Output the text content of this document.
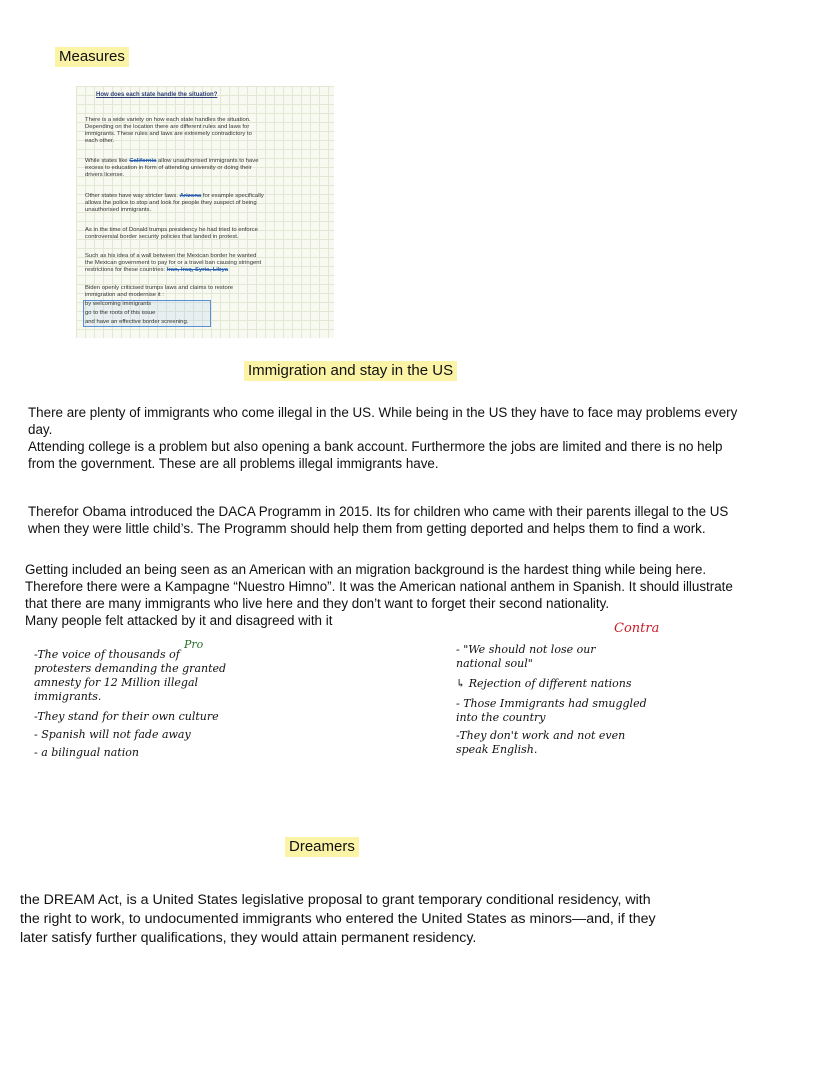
Measures
How does each state handle the situation?
There is a wide variety on how each state handles the situation.
Depending on the location there are different rules and laws for
immigrants. These rules and laws are extremely contradictory to
each other.
While states like California allow unauthorised immigrants to have
excess to education in form of attending university or doing their
drivers license.
Other states have way stricter laws. Arizona for example specifically
allows the police to stop and look for people they suspect of being
unauthorised immigrants.
As in the time of Donald trumps presidency he had tried to enforce
controversial border security policies that landed in protest.
Such as his idea of a wall between the Mexican border he wanted
the Mexican government to pay for or a travel ban causing stringent
restrictions for these countries: Iran, Iraq, Syria, Libya
Biden openly criticised trumps laws and claims to restore
immigration and modernise it :
by welcoming immigrants
go to the roots of this issue
and have an effective border screening.
Immigration and stay in the US
There are plenty of immigrants who come illegal in the US. While being in the US they have to face may problems every
day.
Attending college is a problem but also opening a bank account. Furthermore the jobs are limited and there is no help
from the government. These are all problems illegal immigrants have.
Therefor Obama introduced the DACA Programm in 2015. Its for children who came with their parents illegal to the US
when they were little child’s. The Programm should help them from getting deported and helps them to find a work.
Getting included an being seen as an American with an migration background is the hardest thing while being here.
Therefore there were a Kampagne “Nuestro Himno”. It was the American national anthem in Spanish. It should illustrate
that there are many immigrants who live here and they don’t want to forget their second nationality.
Many people felt attacked by it and disagreed with it
-The voice of thousands of
protesters demanding the granted
amnesty for 12 Million illegal
immigrants.
-They stand for their own culture
- Spanish will not fade away
- a bilingual nation
Pro
Contra
- "We should not lose our
national soul"
↳ Rejection of different nations
- Those Immigrants had smuggled
into the country
-They don't work and not even
speak English.
Dreamers
the DREAM Act, is a United States legislative proposal to grant temporary conditional residency, with
the right to work, to undocumented immigrants who entered the United States as minors—and, if they
later satisfy further qualifications, they would attain permanent residency.
